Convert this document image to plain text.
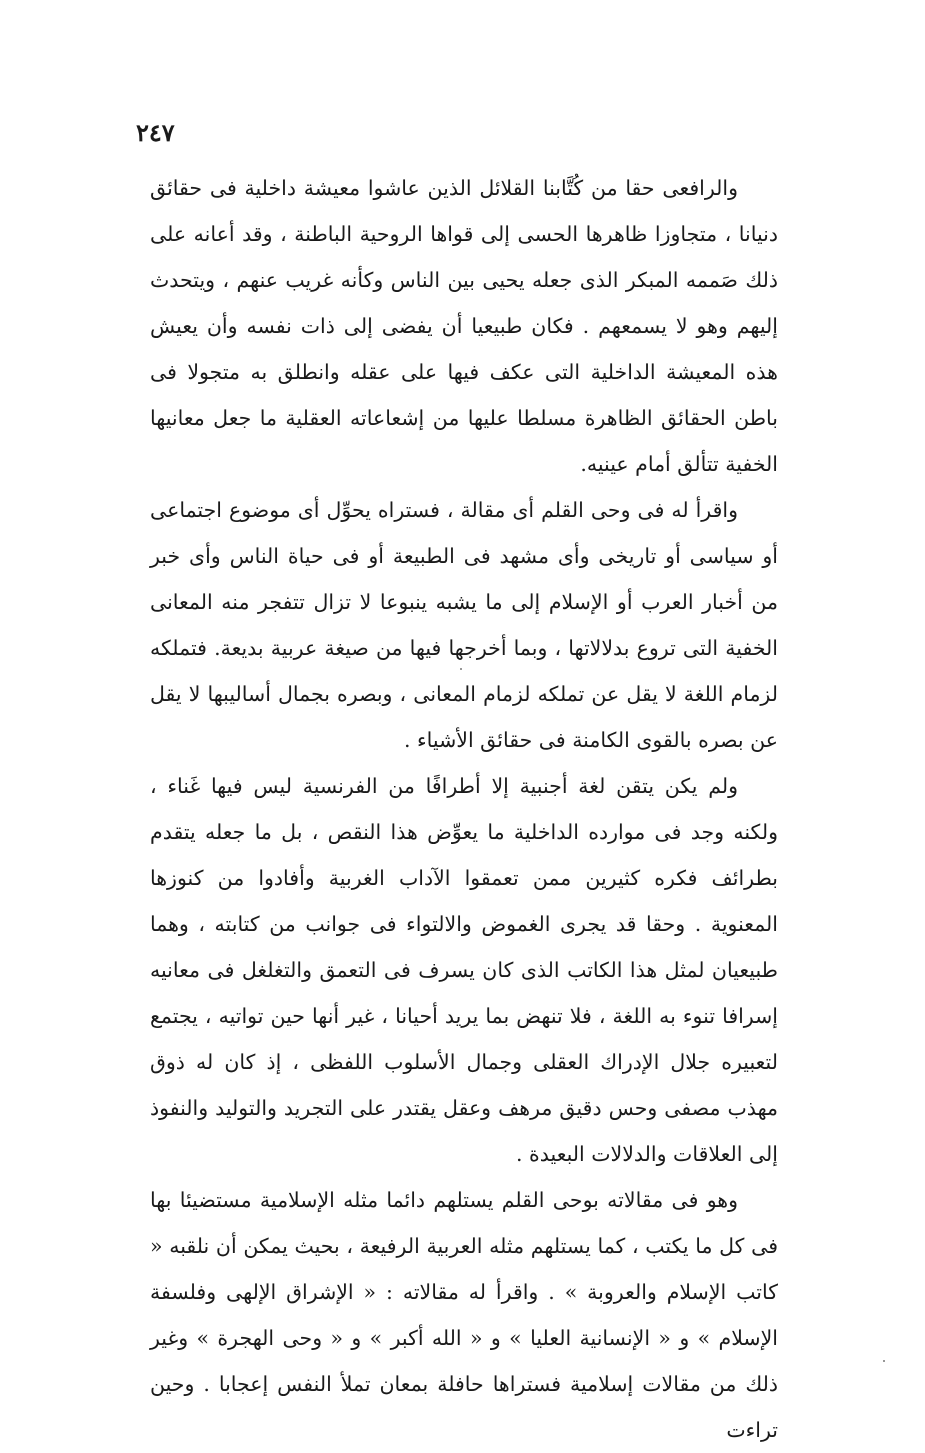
٢٤٧

والرافعى حقا من كُتَّابنا القلائل الذين عاشوا معيشة داخلية فى حقائق دنيانا ، متجاوزا ظاهرها الحسى إلى قواها الروحية الباطنة ، وقد أعانه على ذلك صَممه المبكر الذى جعله يحيى بين الناس وكأنه غريب عنهم ، ويتحدث إليهم وهو لا يسمعهم . فكان طبيعيا أن يفضى إلى ذات نفسه وأن يعيش هذه المعيشة الداخلية التى عكف فيها على عقله وانطلق به متجولا فى باطن الحقائق الظاهرة مسلطا عليها من إشعاعاته العقلية ما جعل معانيها الخفية تتألق أمام عينيه.

واقرأ له فى وحى القلم أى مقالة ، فستراه يحوِّل أى موضوع اجتماعى أو سياسى أو تاريخى وأى مشهد فى الطبيعة أو فى حياة الناس وأى خبر من أخبار العرب أو الإسلام إلى ما يشبه ينبوعا لا تزال تتفجر منه المعانى الخفية التى تروع بدلالاتها ، وبما أخرجها فيها من صيغة عربية بديعة. فتملكه لزمام اللغة لا يقل عن تملكه لزمام المعانى ، وبصره بجمال أساليبها لا يقل عن بصره بالقوى الكامنة فى حقائق الأشياء .

ولم يكن يتقن لغة أجنبية إلا أطرافًا من الفرنسية ليس فيها غَناء ، ولكنه وجد فى موارده الداخلية ما يعوِّض هذا النقص ، بل ما جعله يتقدم بطرائف فكره كثيرين ممن تعمقوا الآداب الغربية وأفادوا من كنوزها المعنوية . وحقا قد يجرى الغموض والالتواء فى جوانب من كتابته ، وهما طبيعيان لمثل هذا الكاتب الذى كان يسرف فى التعمق والتغلغل فى معانيه إسرافا تنوء به اللغة ، فلا تنهض بما يريد أحيانا ، غير أنها حين تواتيه ، يجتمع لتعبيره جلال الإدراك العقلى وجمال الأسلوب اللفظى ، إذ كان له ذوق مهذب مصفى وحس دقيق مرهف وعقل يقتدر على التجريد والتوليد والنفوذ إلى العلاقات والدلالات البعيدة .

وهو فى مقالاته بوحى القلم يستلهم دائما مثله الإسلامية مستضيئا بها فى كل ما يكتب ، كما يستلهم مثله العربية الرفيعة ، بحيث يمكن أن نلقبه « كاتب الإسلام والعروبة » . واقرأ له مقالاته : « الإشراق الإلهى وفلسفة الإسلام » و « الإنسانية العليا » و « الله أكبر » و « وحى الهجرة » وغير ذلك من مقالات إسلامية فستراها حافلة بمعان تملأ النفس إعجابا . وحين تراءت
